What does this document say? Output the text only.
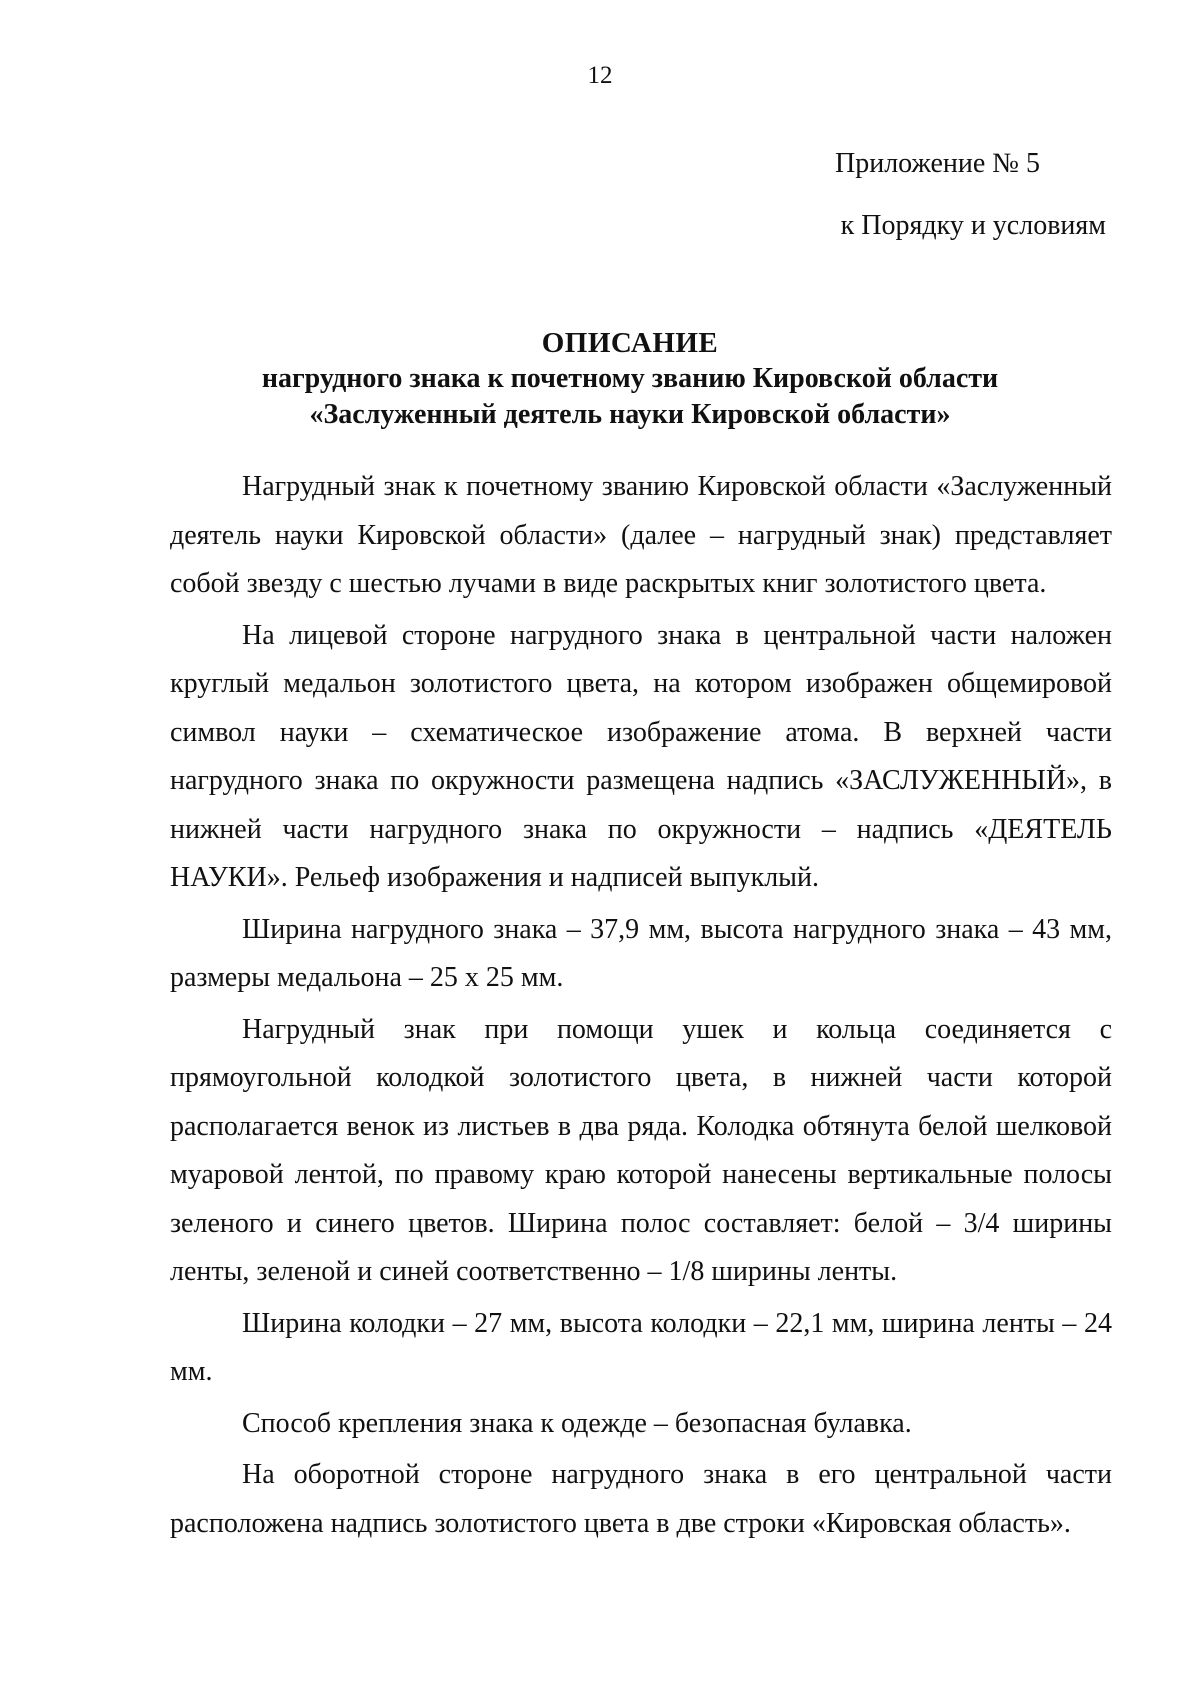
12
Приложение № 5
к Порядку и условиям
ОПИСАНИЕ
нагрудного знака к почетному званию Кировской области
«Заслуженный деятель науки Кировской области»

Нагрудный знак к почетному званию Кировской области «Заслуженный деятель науки Кировской области» (далее – нагрудный знак) представляет собой звезду с шестью лучами в виде раскрытых книг золотистого цвета.

На лицевой стороне нагрудного знака в центральной части наложен круглый медальон золотистого цвета, на котором изображен общемировой символ науки – схематическое изображение атома. В верхней части нагрудного знака по окружности размещена надпись «ЗАСЛУЖЕННЫЙ», в нижней части нагрудного знака по окружности – надпись «ДЕЯТЕЛЬ НАУКИ». Рельеф изображения и надписей выпуклый.

Ширина нагрудного знака – 37,9 мм, высота нагрудного знака – 43 мм, размеры медальона – 25 х 25 мм.

Нагрудный знак при помощи ушек и кольца соединяется с прямоугольной колодкой золотистого цвета, в нижней части которой располагается венок из листьев в два ряда. Колодка обтянута белой шелковой муаровой лентой, по правому краю которой нанесены вертикальные полосы зеленого и синего цветов. Ширина полос составляет: белой – 3/4 ширины ленты, зеленой и синей соответственно – 1/8 ширины ленты.

Ширина колодки – 27 мм, высота колодки – 22,1 мм, ширина ленты – 24 мм.

Способ крепления знака к одежде – безопасная булавка.

На оборотной стороне нагрудного знака в его центральной части расположена надпись золотистого цвета в две строки «Кировская область».
